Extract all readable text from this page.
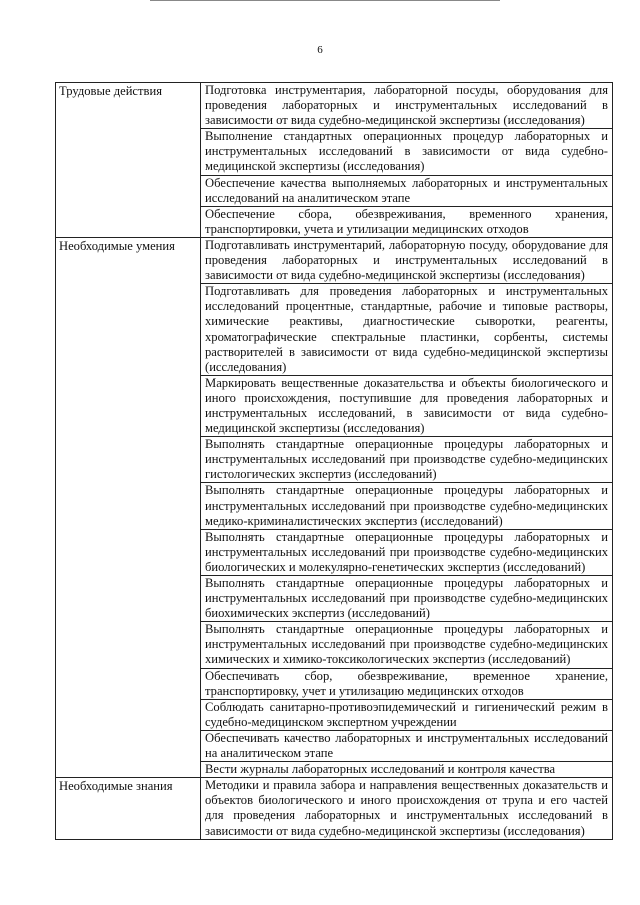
6
Трудовые действия	Подготовка инструментария, лабораторной посуды, оборудования для проведения лабораторных и инструментальных исследований в зависимости от вида судебно-медицинской экспертизы (исследования)
	Выполнение стандартных операционных процедур лабораторных и инструментальных исследований в зависимости от вида судебно-медицинской экспертизы (исследования)
	Обеспечение качества выполняемых лабораторных и инструментальных исследований на аналитическом этапе
	Обеспечение сбора, обезвреживания, временного хранения, транспортировки, учета и утилизации медицинских отходов
Необходимые умения	Подготавливать инструментарий, лабораторную посуду, оборудование для проведения лабораторных и инструментальных исследований в зависимости от вида судебно-медицинской экспертизы (исследования)
	Подготавливать для проведения лабораторных и инструментальных исследований процентные, стандартные, рабочие и типовые растворы, химические реактивы, диагностические сыворотки, реагенты, хроматографические спектральные пластинки, сорбенты, системы растворителей в зависимости от вида судебно-медицинской экспертизы (исследования)
	Маркировать вещественные доказательства и объекты биологического и иного происхождения, поступившие для проведения лабораторных и инструментальных исследований, в зависимости от вида судебно-медицинской экспертизы (исследования)
	Выполнять стандартные операционные процедуры лабораторных и инструментальных исследований при производстве судебно-медицинских гистологических экспертиз (исследований)
	Выполнять стандартные операционные процедуры лабораторных и инструментальных исследований при производстве судебно-медицинских медико-криминалистических экспертиз (исследований)
	Выполнять стандартные операционные процедуры лабораторных и инструментальных исследований при производстве судебно-медицинских биологических и молекулярно-генетических экспертиз (исследований)
	Выполнять стандартные операционные процедуры лабораторных и инструментальных исследований при производстве судебно-медицинских биохимических экспертиз (исследований)
	Выполнять стандартные операционные процедуры лабораторных и инструментальных исследований при производстве судебно-медицинских химических и химико-токсикологических экспертиз (исследований)
	Обеспечивать сбор, обезвреживание, временное хранение, транспортировку, учет и утилизацию медицинских отходов
	Соблюдать санитарно-противоэпидемический и гигиенический режим в судебно-медицинском экспертном учреждении
	Обеспечивать качество лабораторных и инструментальных исследований на аналитическом этапе
	Вести журналы лабораторных исследований и контроля качества
Необходимые знания	Методики и правила забора и направления вещественных доказательств и объектов биологического и иного происхождения от трупа и его частей для проведения лабораторных и инструментальных исследований в зависимости от вида судебно-медицинской экспертизы (исследования)
